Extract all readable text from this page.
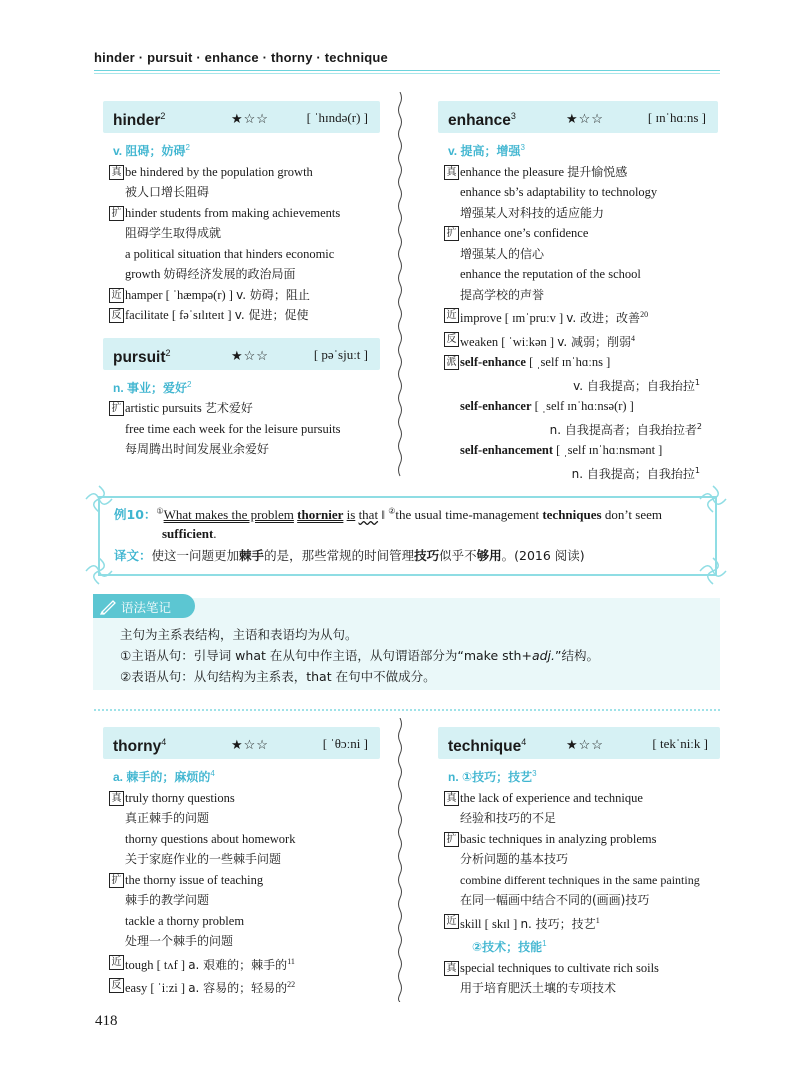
hinder · pursuit · enhance · thorny · technique
hinder$^2$	★☆☆	[ ˈhɪndə(r) ]
v. 阻碍；妨碍$^2$
真 be hindered by the population growth
被人口增长阻碍
扩 hinder students from making achievements
阻碍学生取得成就
a political situation that hinders economic
growth 妨碍经济发展的政治局面
近 hamper [ ˈhæmpə(r) ] v. 妨碍；阻止
反 facilitate [ fəˈsɪlɪteɪt ] v. 促进；促使
pursuit$^2$	★☆☆	[ pəˈsjuːt ]
n. 事业；爱好$^2$
扩 artistic pursuits 艺术爱好
free time each week for the leisure pursuits
每周腾出时间发展业余爱好
enhance$^3$	★☆☆	[ ɪnˈhɑːns ]
v. 提高；增强$^3$
真 enhance the pleasure 提升愉悦感
enhance sb’s adaptability to technology
增强某人对科技的适应能力
扩 enhance one’s confidence
增强某人的信心
enhance the reputation of the school
提高学校的声誉
近 improve [ ɪmˈpruːv ] v. 改进；改善$^{20}$
反 weaken [ ˈwiːkən ] v. 减弱；削弱$^4$
派 self-enhance [ ˌself ɪnˈhɑːns ]
v. 自我提高；自我抬拉$^1$
self-enhancer [ ˌself ɪnˈhɑːnsə(r) ]
n. 自我提高者；自我抬拉者$^2$
self-enhancement [ ˌself ɪnˈhɑːnsmənt ]
n. 自我提高；自我抬拉$^1$
例10：①What makes the problem thornier is that ‖ ②the usual time-management techniques don’t seem
sufficient.
译文：使这一问题更加棘手的是，那些常规的时间管理技巧似乎不够用。(2016 阅读)
语法笔记
主句为主系表结构，主语和表语均为从句。
①主语从句：引导词 what 在从句中作主语，从句谓语部分为“make sth+adj.”结构。
②表语从句：从句结构为主系表，that 在句中不做成分。
thorny$^4$	★☆☆	[ ˈθɔːni ]
a. 棘手的；麻烦的$^4$
真 truly thorny questions
真正棘手的问题
thorny questions about homework
关于家庭作业的一些棘手问题
扩 the thorny issue of teaching
棘手的教学问题
tackle a thorny problem
处理一个棘手的问题
近 tough [ tʌf ] a. 艰难的；棘手的$^{11}$
反 easy [ ˈiːzi ] a. 容易的；轻易的$^{22}$
technique$^4$	★☆☆	[ tekˈniːk ]
n. ①技巧；技艺$^3$
真 the lack of experience and technique
经验和技巧的不足
扩 basic techniques in analyzing problems
分析问题的基本技巧
combine different techniques in the same painting
在同一幅画中结合不同的(画画)技巧
近 skill [ skɪl ] n. 技巧；技艺$^1$
②技术；技能$^1$
真 special techniques to cultivate rich soils
用于培育肥沃土壤的专项技术
418
